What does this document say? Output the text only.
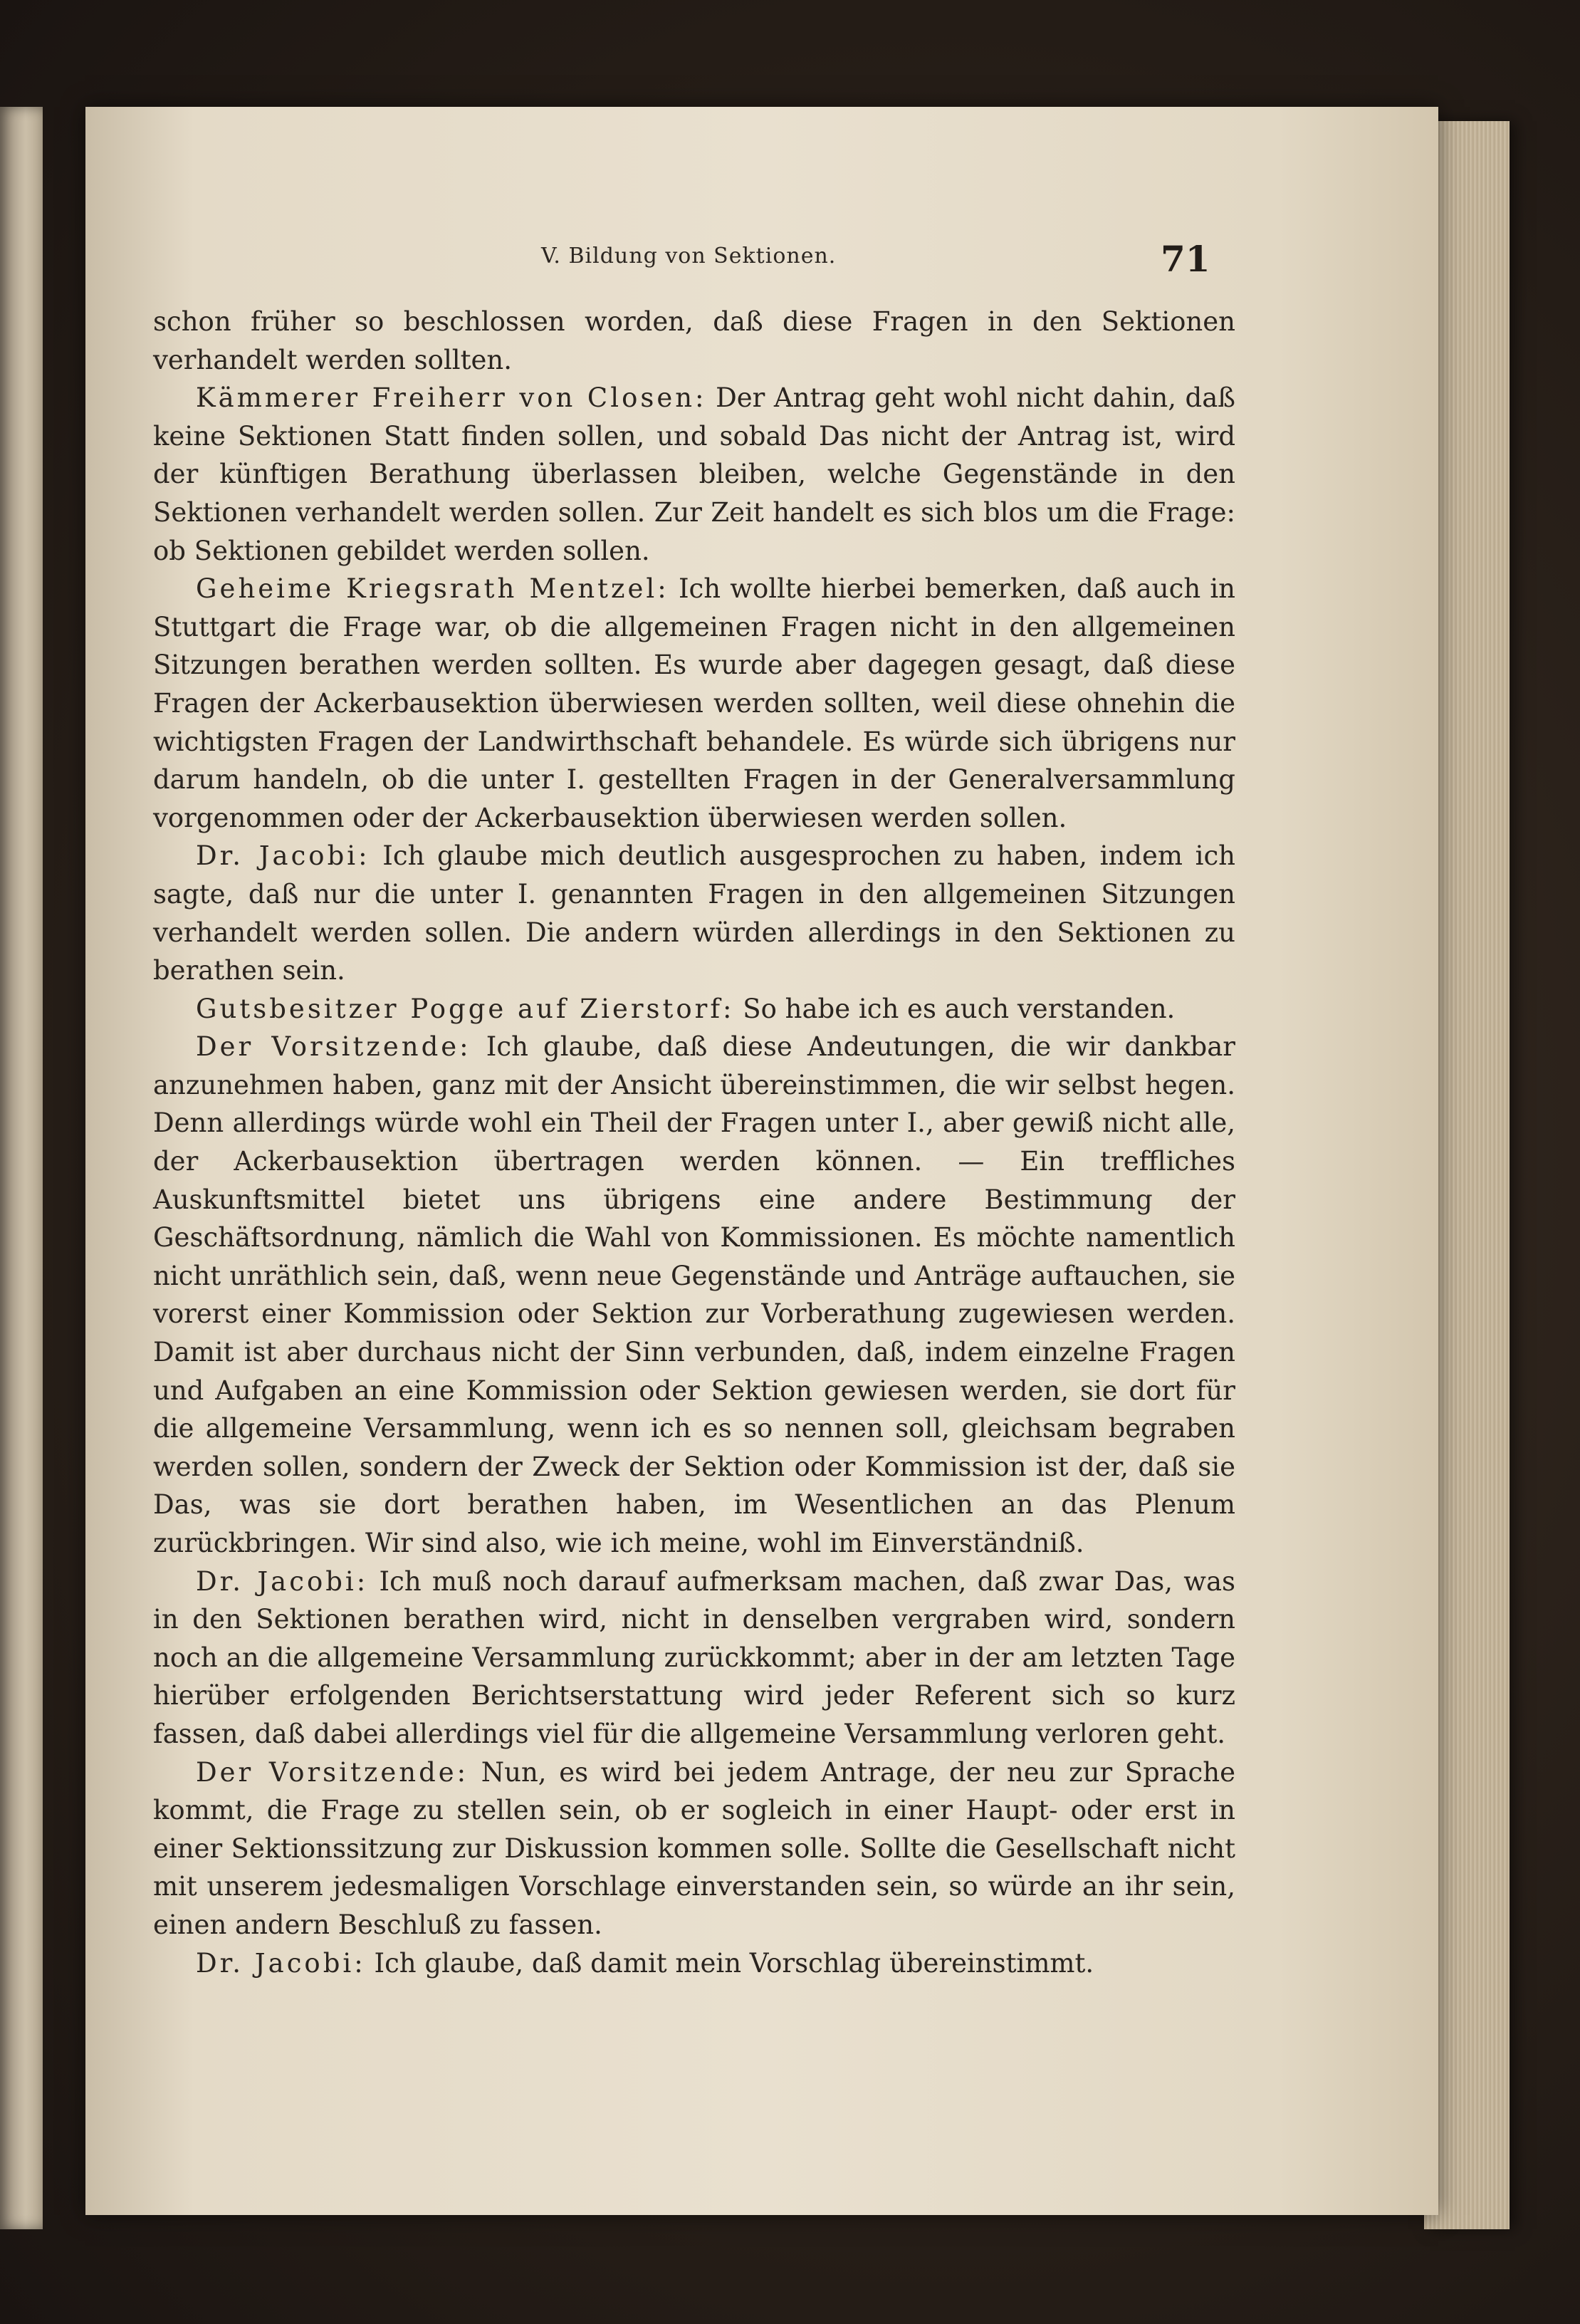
V. Bildung von Sektionen.	71

schon früher so beschlossen worden, daß diese Fragen in den Sektionen verhandelt werden sollten.

Kämmerer Freiherr von Closen: Der Antrag geht wohl nicht dahin, daß keine Sektionen Statt finden sollen, und sobald Das nicht der Antrag ist, wird der künftigen Berathung überlassen bleiben, welche Gegenstände in den Sektionen verhandelt werden sollen. Zur Zeit handelt es sich blos um die Frage: ob Sektionen gebildet werden sollen.

Geheime Kriegsrath Mentzel: Ich wollte hierbei bemerken, daß auch in Stuttgart die Frage war, ob die allgemeinen Fragen nicht in den allgemeinen Sitzungen berathen werden sollten. Es wurde aber dagegen gesagt, daß diese Fragen der Ackerbausektion überwiesen werden sollten, weil diese ohnehin die wichtigsten Fragen der Landwirthschaft behandele. Es würde sich übrigens nur darum handeln, ob die unter I. gestellten Fragen in der Generalversammlung vorgenommen oder der Ackerbausektion überwiesen werden sollen.

Dr. Jacobi: Ich glaube mich deutlich ausgesprochen zu haben, indem ich sagte, daß nur die unter I. genannten Fragen in den allgemeinen Sitzungen verhandelt werden sollen. Die andern würden allerdings in den Sektionen zu berathen sein.

Gutsbesitzer Pogge auf Zierstorf: So habe ich es auch verstanden.

Der Vorsitzende: Ich glaube, daß diese Andeutungen, die wir dankbar anzunehmen haben, ganz mit der Ansicht übereinstimmen, die wir selbst hegen. Denn allerdings würde wohl ein Theil der Fragen unter I., aber gewiß nicht alle, der Ackerbausektion übertragen werden können. — Ein treffliches Auskunftsmittel bietet uns übrigens eine andere Bestimmung der Geschäftsordnung, nämlich die Wahl von Kommissionen. Es möchte namentlich nicht unräthlich sein, daß, wenn neue Gegenstände und Anträge auftauchen, sie vorerst einer Kommission oder Sektion zur Vorberathung zugewiesen werden. Damit ist aber durchaus nicht der Sinn verbunden, daß, indem einzelne Fragen und Aufgaben an eine Kommission oder Sektion gewiesen werden, sie dort für die allgemeine Versammlung, wenn ich es so nennen soll, gleichsam begraben werden sollen, sondern der Zweck der Sektion oder Kommission ist der, daß sie Das, was sie dort berathen haben, im Wesentlichen an das Plenum zurückbringen. Wir sind also, wie ich meine, wohl im Einverständniß.

Dr. Jacobi: Ich muß noch darauf aufmerksam machen, daß zwar Das, was in den Sektionen berathen wird, nicht in denselben vergraben wird, sondern noch an die allgemeine Versammlung zurückkommt; aber in der am letzten Tage hierüber erfolgenden Berichtserstattung wird jeder Referent sich so kurz fassen, daß dabei allerdings viel für die allgemeine Versammlung verloren geht.

Der Vorsitzende: Nun, es wird bei jedem Antrage, der neu zur Sprache kommt, die Frage zu stellen sein, ob er sogleich in einer Haupt- oder erst in einer Sektionssitzung zur Diskussion kommen solle. Sollte die Gesellschaft nicht mit unserem jedesmaligen Vorschlage einverstanden sein, so würde an ihr sein, einen andern Beschluß zu fassen.

Dr. Jacobi: Ich glaube, daß damit mein Vorschlag übereinstimmt.
